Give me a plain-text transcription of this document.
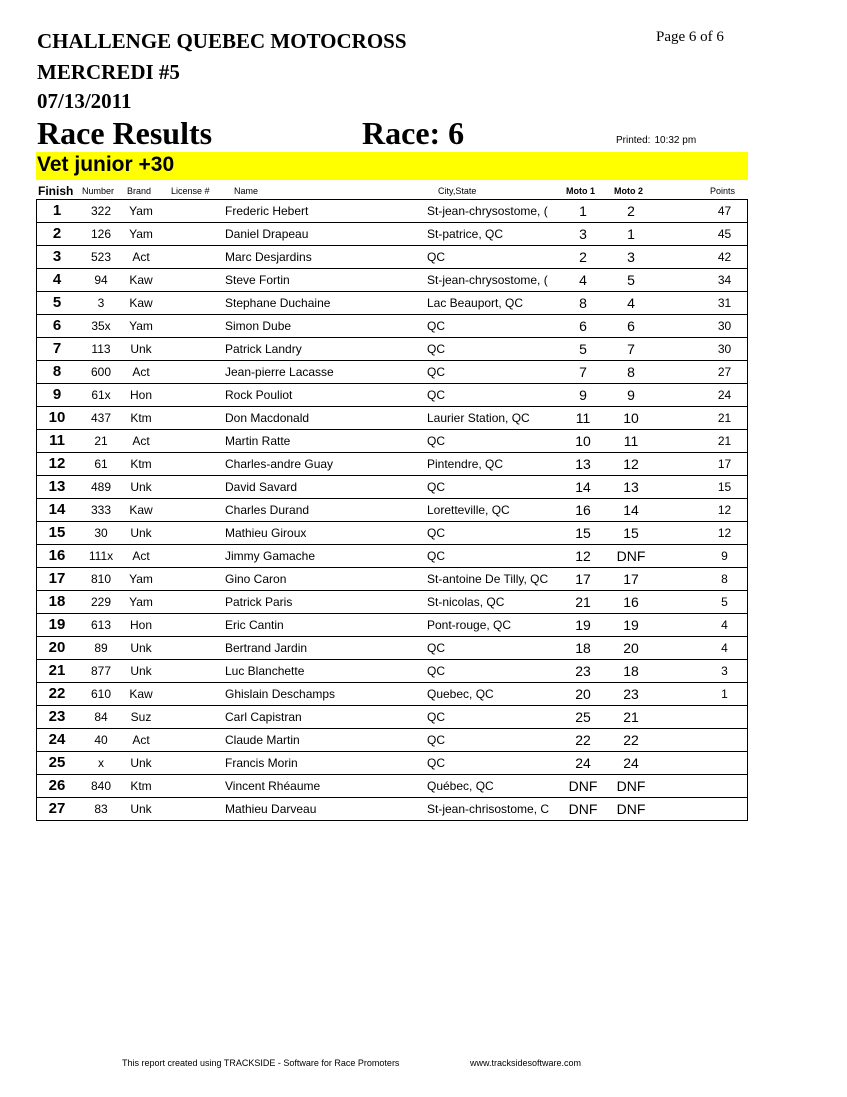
CHALLENGE QUEBEC MOTOCROSS
MERCREDI #5
07/13/2011
Page 6 of 6
Race Results	Race: 6	Printed: 10:32 pm
Vet junior +30
Finish Number Brand License #	Name	City,State	Moto 1 Moto 2	Points
1	322	Yam	Frederic Hebert	St-jean-chrysostome, (	1	2	47
2	126	Yam	Daniel Drapeau	St-patrice, QC	3	1	45
3	523	Act	Marc Desjardins	QC	2	3	42
4	94	Kaw	Steve Fortin	St-jean-chrysostome, (	4	5	34
5	3	Kaw	Stephane Duchaine	Lac Beauport, QC	8	4	31
6	35x	Yam	Simon Dube	QC	6	6	30
7	113	Unk	Patrick Landry	QC	5	7	30
8	600	Act	Jean-pierre Lacasse	QC	7	8	27
9	61x	Hon	Rock Pouliot	QC	9	9	24
10	437	Ktm	Don Macdonald	Laurier Station, QC	11	10	21
11	21	Act	Martin Ratte	QC	10	11	21
12	61	Ktm	Charles-andre Guay	Pintendre, QC	13	12	17
13	489	Unk	David Savard	QC	14	13	15
14	333	Kaw	Charles Durand	Loretteville, QC	16	14	12
15	30	Unk	Mathieu Giroux	QC	15	15	12
16	111x	Act	Jimmy Gamache	QC	12	DNF	9
17	810	Yam	Gino Caron	St-antoine De Tilly, QC	17	17	8
18	229	Yam	Patrick Paris	St-nicolas, QC	21	16	5
19	613	Hon	Eric Cantin	Pont-rouge, QC	19	19	4
20	89	Unk	Bertrand Jardin	QC	18	20	4
21	877	Unk	Luc Blanchette	QC	23	18	3
22	610	Kaw	Ghislain Deschamps	Quebec, QC	20	23	1
23	84	Suz	Carl Capistran	QC	25	21
24	40	Act	Claude Martin	QC	22	22
25	x	Unk	Francis Morin	QC	24	24
26	840	Ktm	Vincent Rhéaume	Québec, QC	DNF	DNF
27	83	Unk	Mathieu Darveau	St-jean-chrisostome, C	DNF	DNF
This report created using TRACKSIDE - Software for Race Promoters	www.tracksidesoftware.com
